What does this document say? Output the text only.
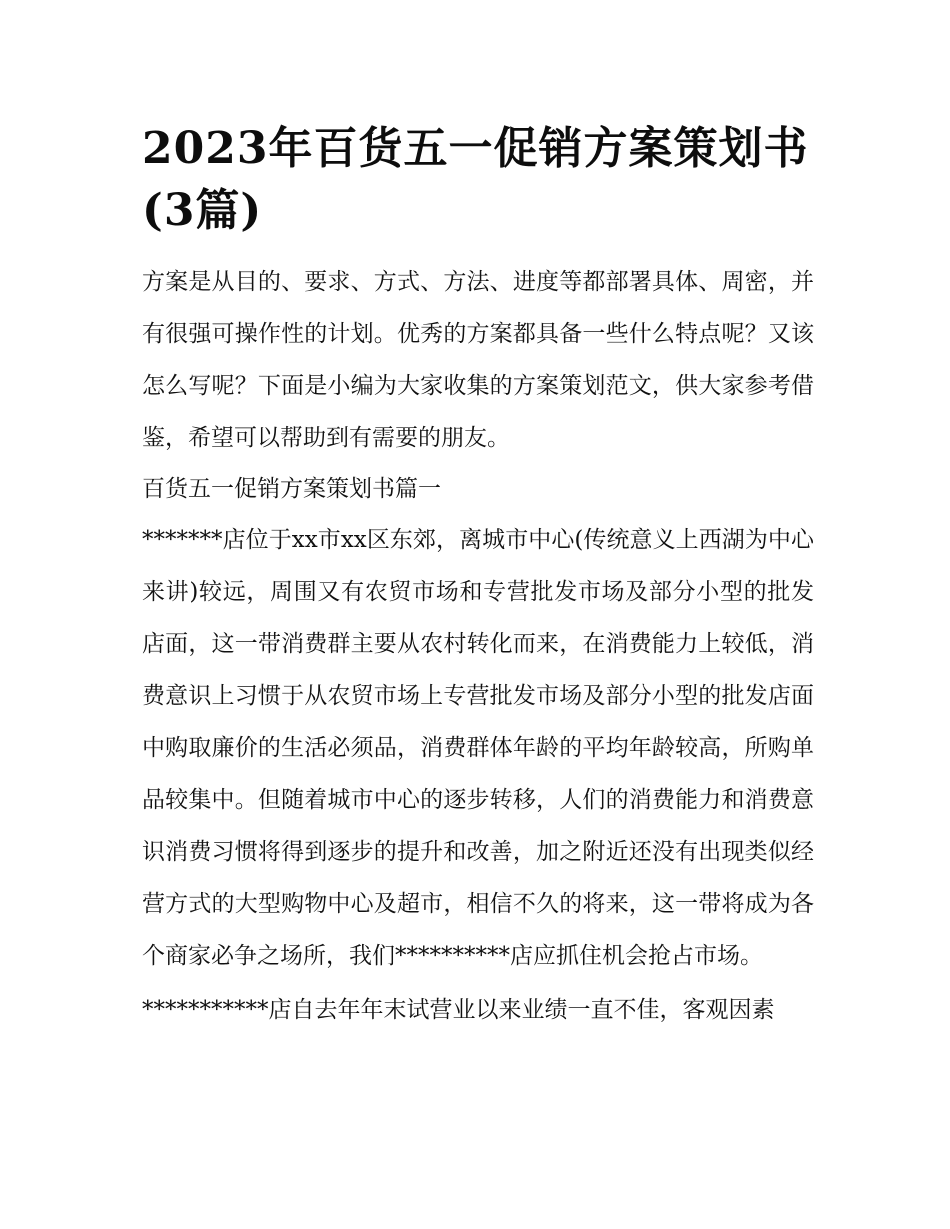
2023年百货五一促销方案策划书(3篇)

方案是从目的、要求、方式、方法、进度等都部署具体、周密，并有很强可操作性的计划。优秀的方案都具备一些什么特点呢？又该怎么写呢？下面是小编为大家收集的方案策划范文，供大家参考借鉴，希望可以帮助到有需要的朋友。

百货五一促销方案策划书篇一

*******店位于xx市xx区东郊，离城市中心(传统意义上西湖为中心来讲)较远，周围又有农贸市场和专营批发市场及部分小型的批发店面，这一带消费群主要从农村转化而来，在消费能力上较低，消费意识上习惯于从农贸市场上专营批发市场及部分小型的批发店面中购取廉价的生活必须品，消费群体年龄的平均年龄较高，所购单品较集中。但随着城市中心的逐步转移，人们的消费能力和消费意识消费习惯将得到逐步的提升和改善，加之附近还没有出现类似经营方式的大型购物中心及超市，相信不久的将来，这一带将成为各个商家必争之场所，我们**********店应抓住机会抢占市场。

***********店自去年年末试营业以来业绩一直不佳，客观因素
